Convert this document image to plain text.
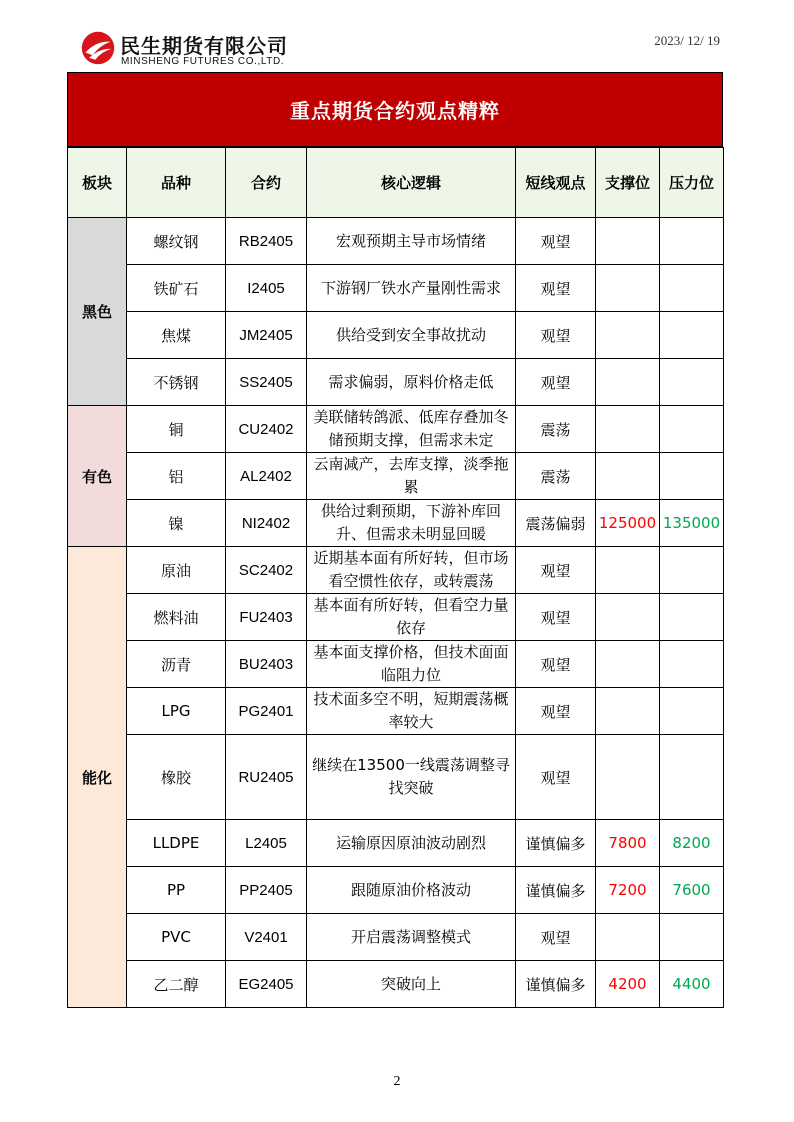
民生期货有限公司
MINSHENG FUTURES CO.,LTD.
2023/ 12/ 19
重点期货合约观点精粹
板块	品种	合约	核心逻辑	短线观点	支撑位	压力位
黑色	螺纹钢	RB2405	宏观预期主导市场情绪	观望		
	铁矿石	I2405	下游钢厂铁水产量刚性需求	观望		
	焦煤	JM2405	供给受到安全事故扰动	观望		
	不锈钢	SS2405	需求偏弱，原料价格走低	观望		
有色	铜	CU2402	美联储转鸽派、低库存叠加冬储预期支撑，但需求未定	震荡		
	铝	AL2402	云南减产，去库支撑，淡季拖累	震荡		
	镍	NI2402	供给过剩预期，下游补库回升、但需求未明显回暖	震荡偏弱	125000	135000
能化	原油	SC2402	近期基本面有所好转，但市场看空惯性依存，或转震荡	观望		
	燃料油	FU2403	基本面有所好转，但看空力量依存	观望		
	沥青	BU2403	基本面支撑价格，但技术面面临阻力位	观望		
	LPG	PG2401	技术面多空不明，短期震荡概率较大	观望		
	橡胶	RU2405	继续在13500一线震荡调整寻找突破	观望		
	LLDPE	L2405	运输原因原油波动剧烈	谨慎偏多	7800	8200
	PP	PP2405	跟随原油价格波动	谨慎偏多	7200	7600
	PVC	V2401	开启震荡调整模式	观望		
	乙二醇	EG2405	突破向上	谨慎偏多	4200	4400
2
